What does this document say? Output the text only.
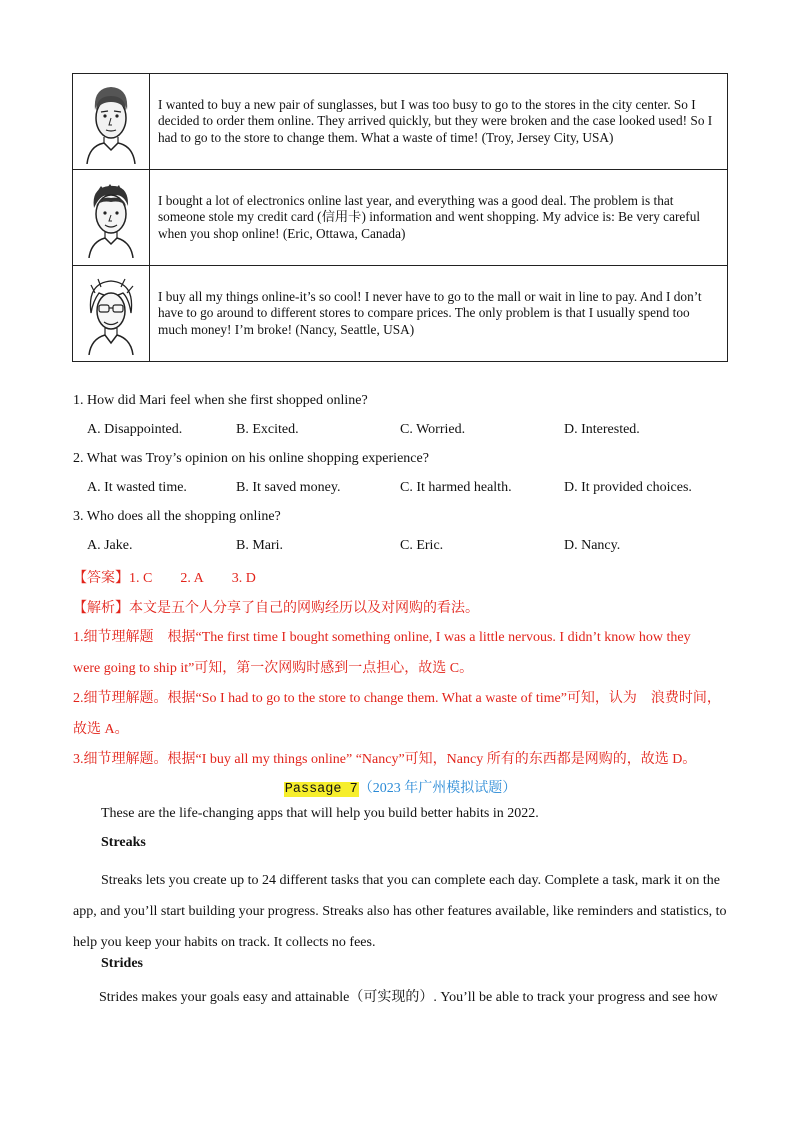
	I wanted to buy a new pair of sunglasses, but I was too busy to go to the stores in the city center. So I decided to order them online. They arrived quickly, but they were broken and the case looked used! So I had to go to the store to change them. What a waste of time! (Troy, Jersey City, USA)

	I bought a lot of electronics online last year, and everything was a good deal. The problem is that someone stole my credit card (信用卡) information and went shopping. My advice is: Be very careful when you shop online! (Eric, Ottawa, Canada)

	I buy all my things online-it’s so cool! I never have to go to the mall or wait in line to pay. And I don’t have to go around to different stores to compare prices. The only problem is that I usually spend too much money! I’m broke! (Nancy, Seattle, USA)
1. How did Mari feel when she first shopped online?
A. Disappointed.	B. Excited.	C. Worried.	D. Interested.
2. What was Troy’s opinion on his online shopping experience?
A. It wasted time.	B. It saved money.	C. It harmed health.	D. It provided choices.
3. Who does all the shopping online?
A. Jake.	B. Mari.	C. Eric.	D. Nancy.
【答案】1. C 2. A 3. D
【解析】本文是五个人分享了自己的网购经历以及对网购的看法。
1.细节理解题　根据“The first time I bought something online, I was a little nervous. I didn’t know how they
were going to ship it”可知，第一次网购时感到一点担心，故选 C。
2.细节理解题。根据“So I had to go to the store to change them. What a waste of time”可知，认为　浪费时间，
故选 A。
3.细节理解题。根据“I buy all my things online” “Nancy”可知，Nancy 所有的东西都是网购的，故选 D。
Passage 7（2023 年广州模拟试题）
These are the life-changing apps that will help you build better habits in 2022.
Streaks
Streaks lets you create up to 24 different tasks that you can complete each day. Complete a task, mark it on the app, and you’ll start building your progress. Streaks also has other features available, like reminders and statistics, to help you keep your habits on track. It collects no fees.
Strides
Strides makes your goals easy and attainable（可实现的）. You’ll be able to track your progress and see how
